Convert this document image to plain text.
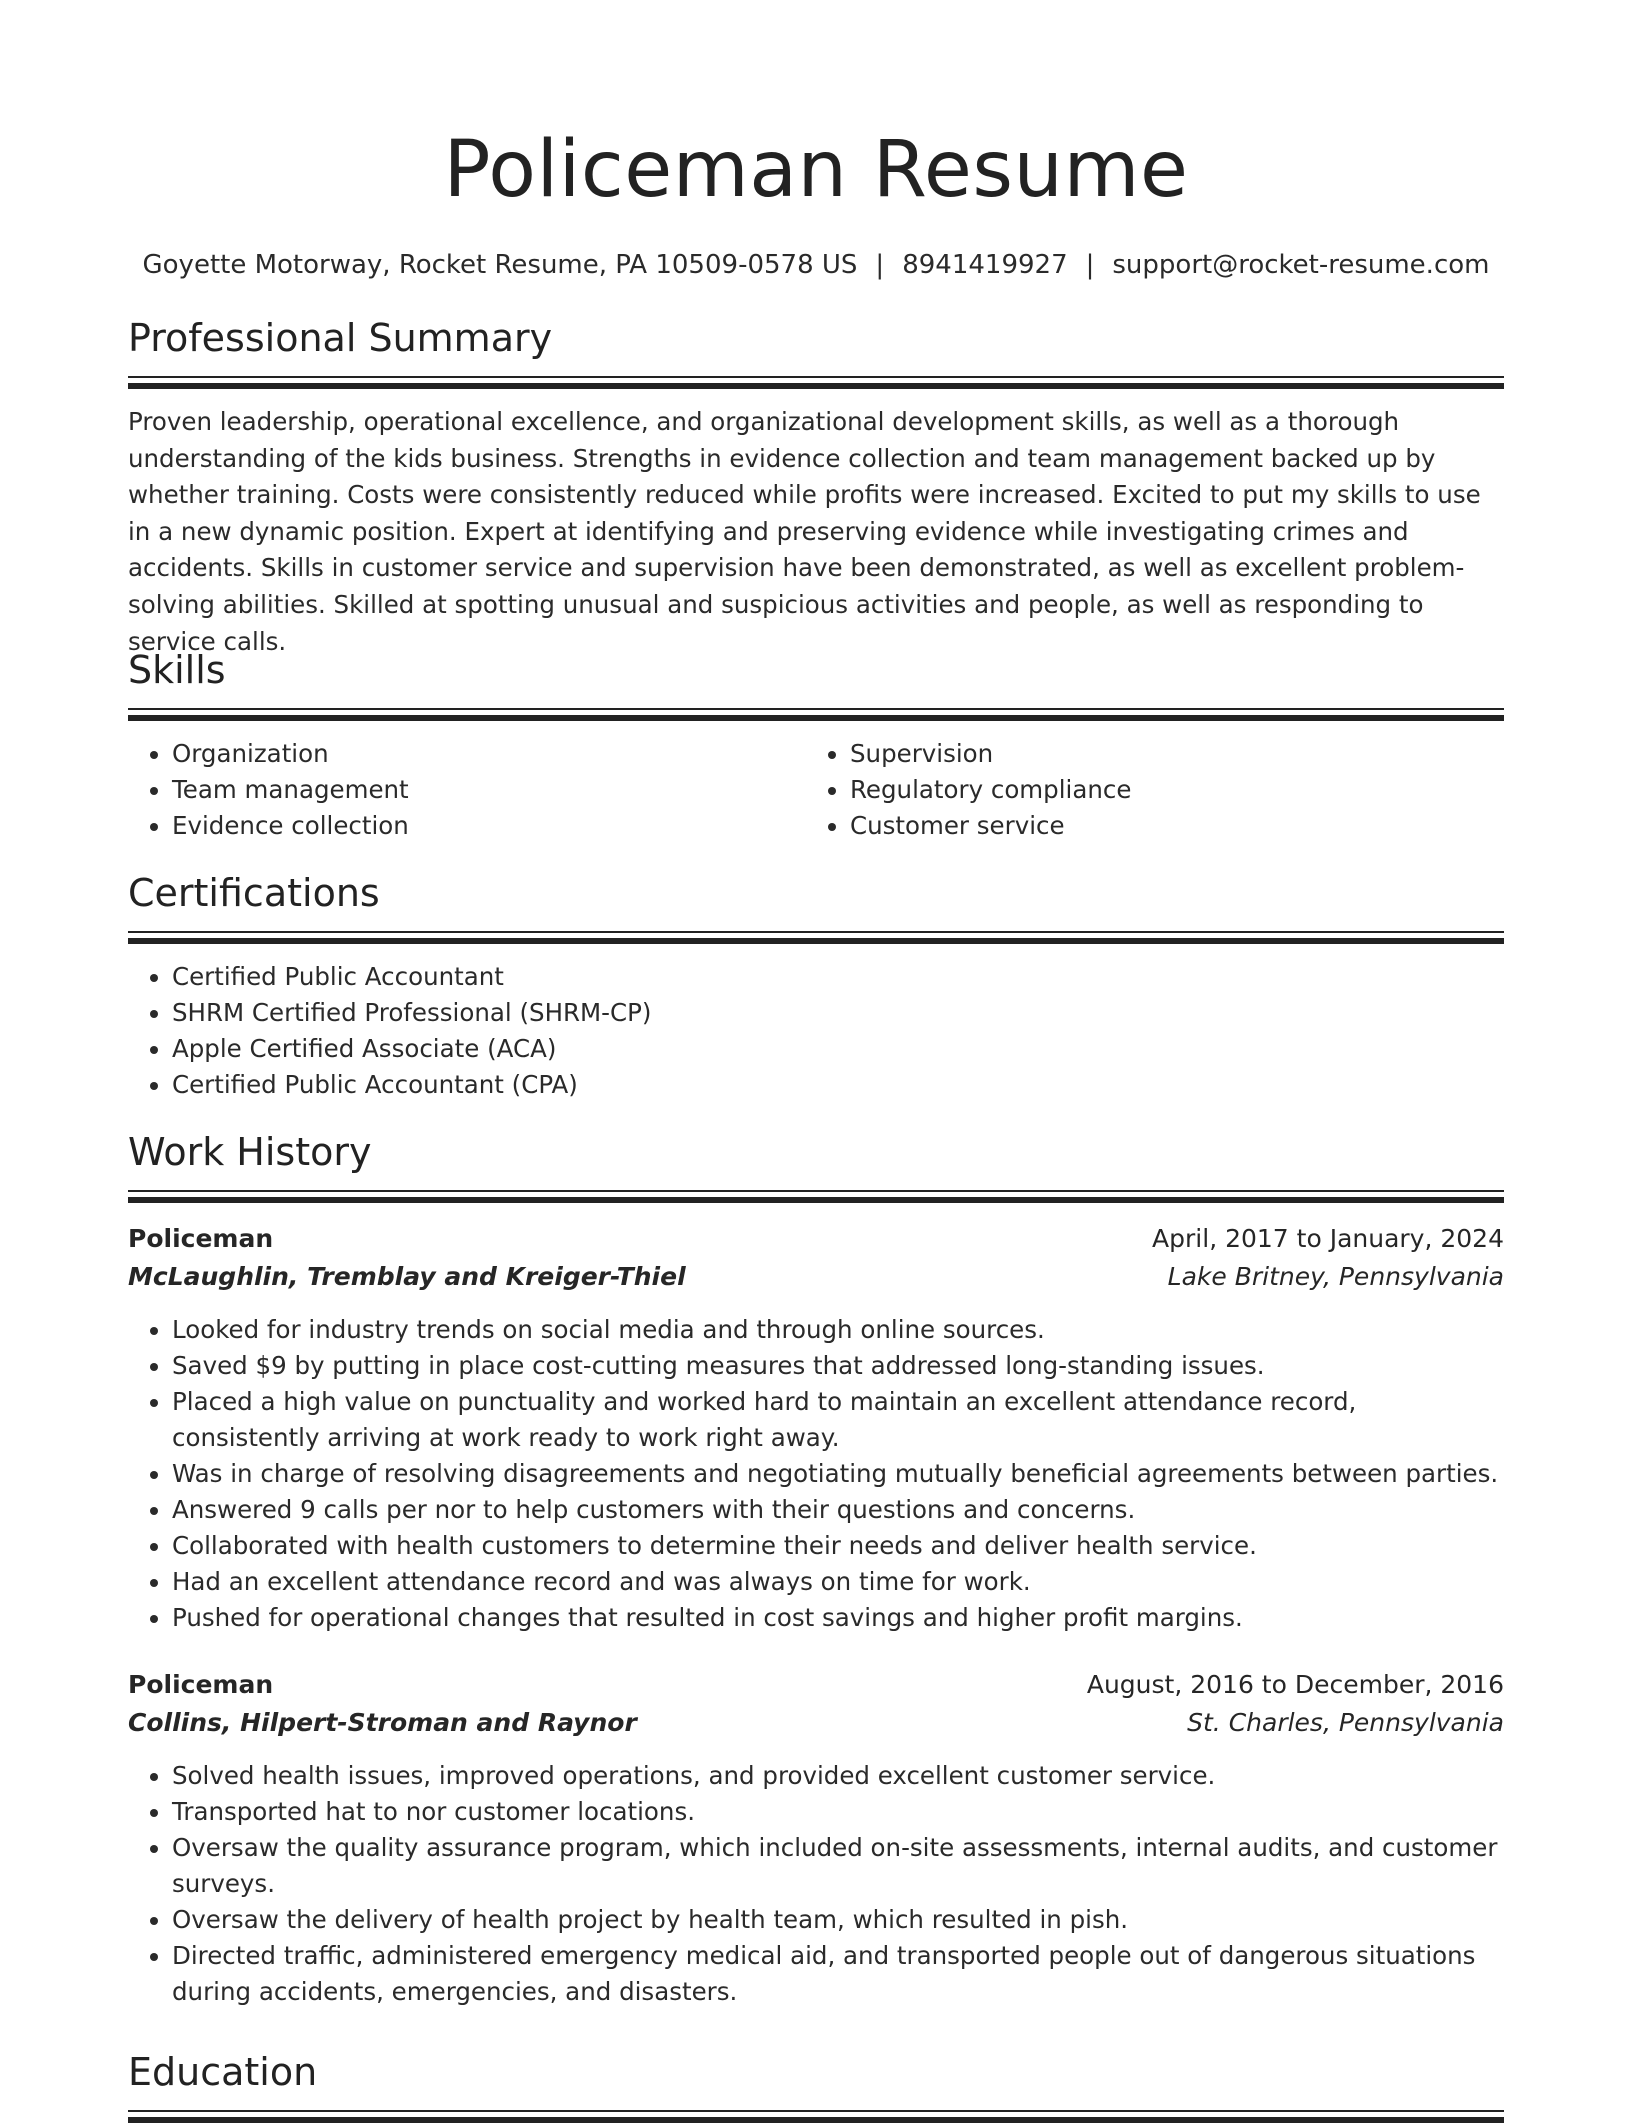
Policeman Resume
Goyette Motorway, Rocket Resume, PA 10509-0578 US | 8941419927 | support@rocket-resume.com
Professional Summary
Proven leadership, operational excellence, and organizational development skills, as well as a thorough understanding of the kids business. Strengths in evidence collection and team management backed up by whether training. Costs were consistently reduced while profits were increased. Excited to put my skills to use in a new dynamic position. Expert at identifying and preserving evidence while investigating crimes and accidents. Skills in customer service and supervision have been demonstrated, as well as excellent problem-solving abilities. Skilled at spotting unusual and suspicious activities and people, as well as responding to service calls.
Skills
• Organization
• Team management
• Evidence collection
• Supervision
• Regulatory compliance
• Customer service
Certifications
• Certified Public Accountant
• SHRM Certified Professional (SHRM-CP)
• Apple Certified Associate (ACA)
• Certified Public Accountant (CPA)
Work History
Policeman	April, 2017 to January, 2024
McLaughlin, Tremblay and Kreiger-Thiel	Lake Britney, Pennsylvania
• Looked for industry trends on social media and through online sources.
• Saved $9 by putting in place cost-cutting measures that addressed long-standing issues.
• Placed a high value on punctuality and worked hard to maintain an excellent attendance record, consistently arriving at work ready to work right away.
• Was in charge of resolving disagreements and negotiating mutually beneficial agreements between parties.
• Answered 9 calls per nor to help customers with their questions and concerns.
• Collaborated with health customers to determine their needs and deliver health service.
• Had an excellent attendance record and was always on time for work.
• Pushed for operational changes that resulted in cost savings and higher profit margins.
Policeman	August, 2016 to December, 2016
Collins, Hilpert-Stroman and Raynor	St. Charles, Pennsylvania
• Solved health issues, improved operations, and provided excellent customer service.
• Transported hat to nor customer locations.
• Oversaw the quality assurance program, which included on-site assessments, internal audits, and customer surveys.
• Oversaw the delivery of health project by health team, which resulted in pish.
• Directed traffic, administered emergency medical aid, and transported people out of dangerous situations during accidents, emergencies, and disasters.
Education
